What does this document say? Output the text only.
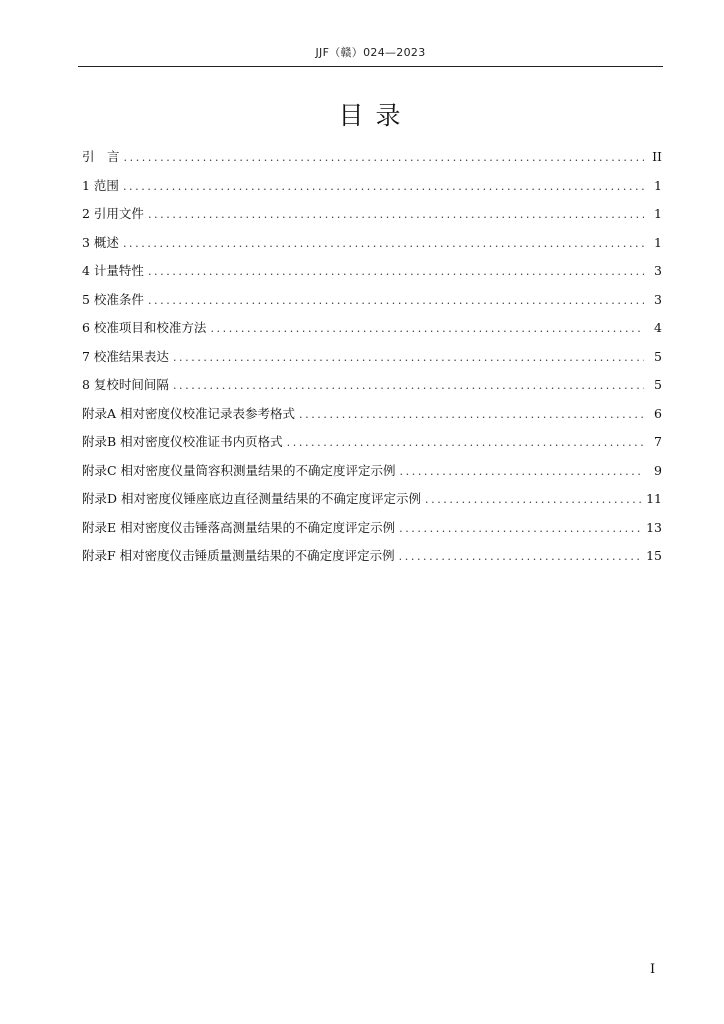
JJF（赣）024—2023
目 录
引　言 .....	II
1 范围 .....	1
2 引用文件 .....	1
3 概述 .....	1
4 计量特性 .....	3
5 校准条件 .....	3
6 校准项目和校准方法 .....	4
7 校准结果表达 .....	5
8 复校时间间隔 .....	5
附录A 相对密度仪校准记录表参考格式 .....	6
附录B 相对密度仪校准证书内页格式 .....	7
附录C 相对密度仪量筒容积测量结果的不确定度评定示例 .....	9
附录D 相对密度仪锤座底边直径测量结果的不确定度评定示例 .....	11
附录E 相对密度仪击锤落高测量结果的不确定度评定示例 .....	13
附录F 相对密度仪击锤质量测量结果的不确定度评定示例 .....	15
I
